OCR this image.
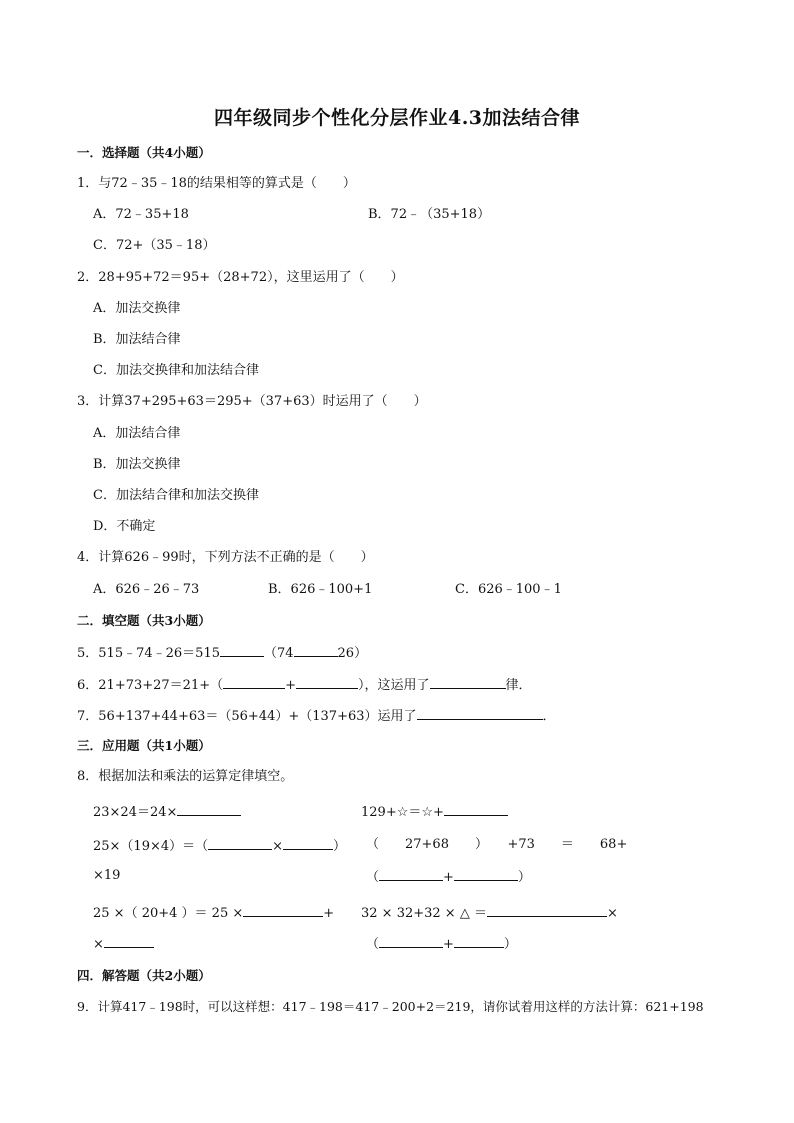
四年级同步个性化分层作业4.3加法结合律
一．选择题（共4小题）
1．与72﹣35﹣18的结果相等的算式是（　　）
A．72﹣35+18	B．72﹣（35+18）
C．72+（35﹣18）
2．28+95+72＝95+（28+72），这里运用了（　　）
A．加法交换律
B．加法结合律
C．加法交换律和加法结合律
3．计算37+295+63＝295+（37+63）时运用了（　　）
A．加法结合律
B．加法交换律
C．加法结合律和加法交换律
D．不确定
4．计算626﹣99时，下列方法不正确的是（　　）
A．626﹣26﹣73	B．626﹣100+1	C．626﹣100﹣1
二．填空题（共3小题）
5．515﹣74﹣26＝515	（74	26）
6．21+73+27＝21+（	+	），这运用了	律．
7．56+137+44+63＝（56+44）+（137+63）运用了	．
三．应用题（共1小题）
8．根据加法和乘法的运算定律填空。
23×24＝24×	129+☆＝☆+
25×（19×4）＝（	×	）
×19
（　　27+68　　）　　+73　　＝　　68+
（	+	）
25 ×（ 20+4 ）＝ 25 ×	+
×
32 × 32+32 × △ ＝	×
（	+	）
四．解答题（共2小题）
9．计算417﹣198时，可以这样想：417﹣198＝417﹣200+2＝219，请你试着用这样的方法计算：621+198
